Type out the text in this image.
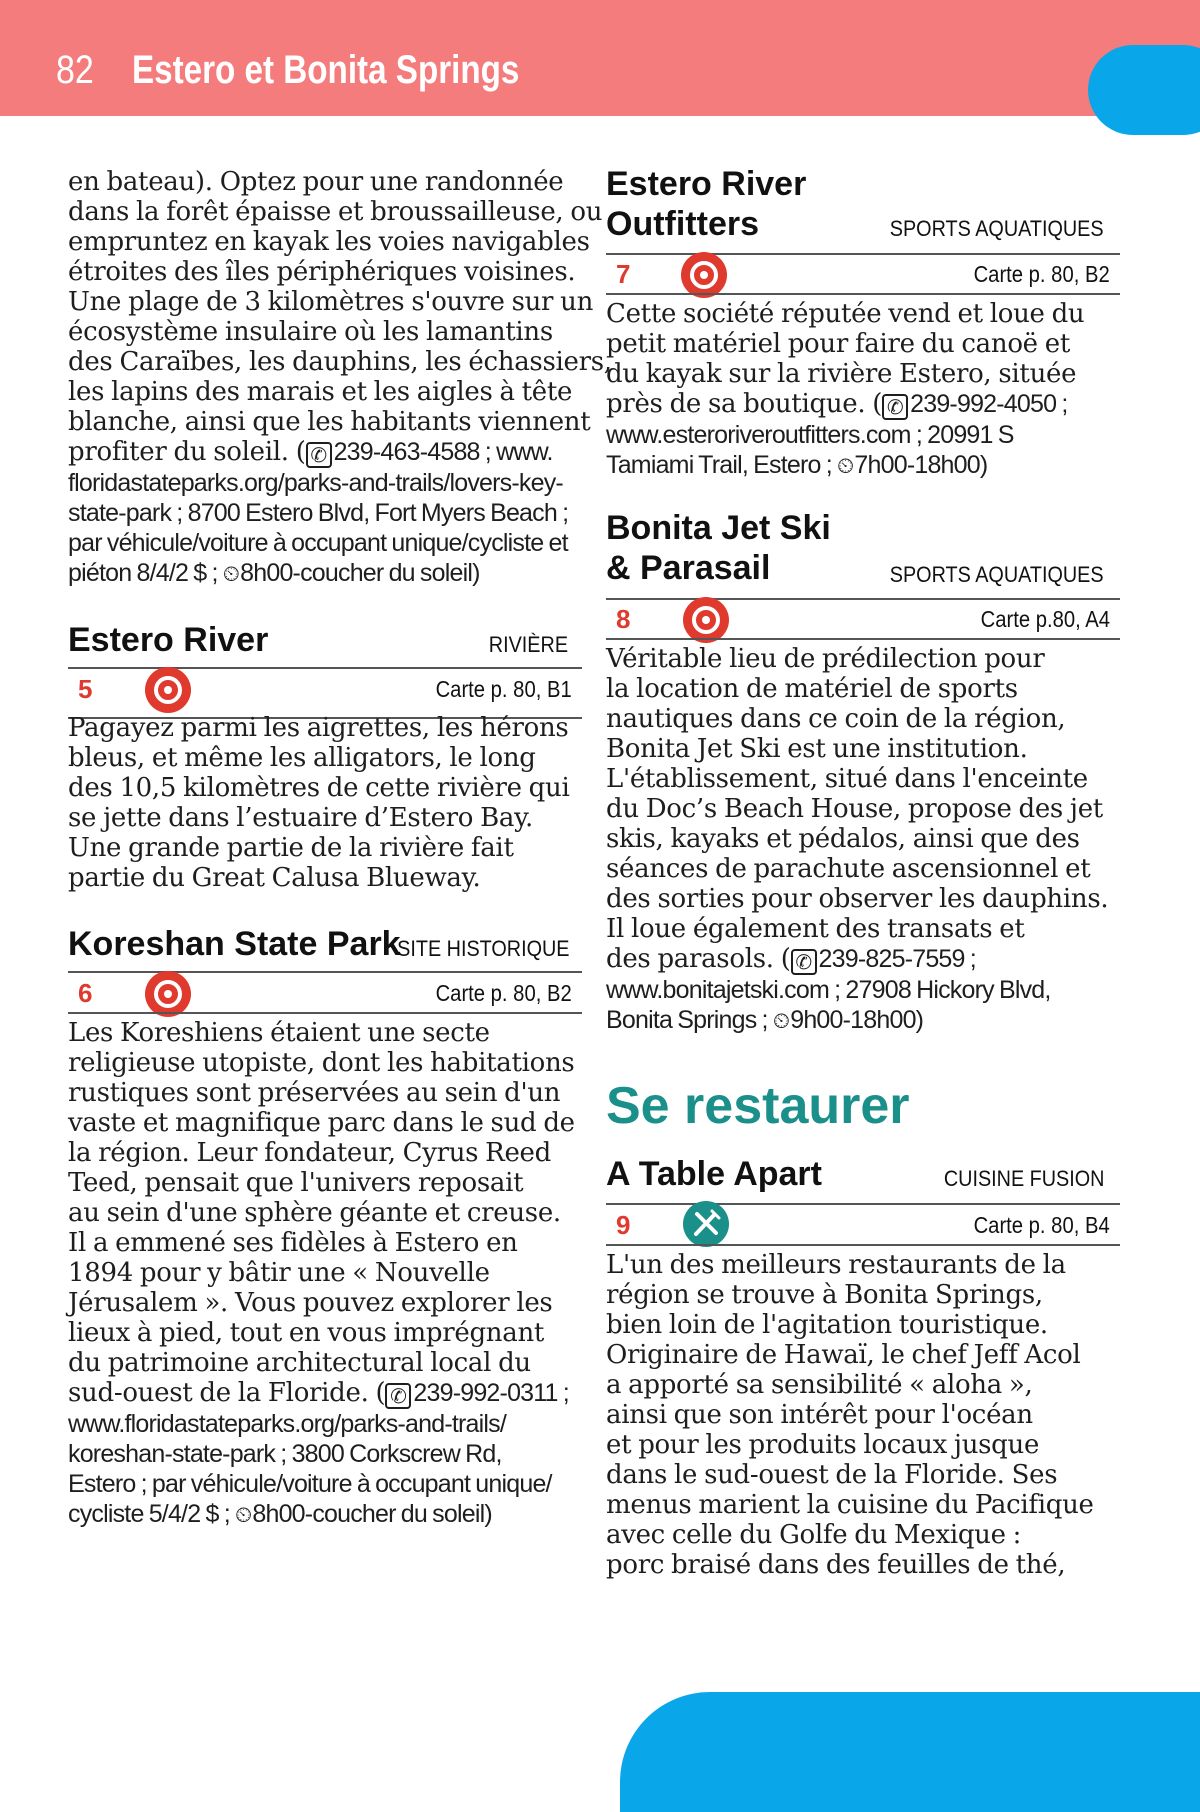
82 Estero et Bonita Springs
en bateau). Optez pour une randonnée
dans la forêt épaisse et broussailleuse, ou
empruntez en kayak les voies navigables
étroites des îles périphériques voisines.
Une plage de 3 kilomètres s'ouvre sur un
écosystème insulaire où les lamantins
des Caraïbes, les dauphins, les échassiers,
les lapins des marais et les aigles à tête
blanche, ainsi que les habitants viennent
profiter du soleil. ( ✆ 239-463-4588 ; www.
floridastateparks.org/parks-and-trails/lovers-key-
state-park ; 8700 Estero Blvd, Fort Myers Beach ;
par véhicule/voiture à occupant unique/cycliste et
piéton 8/4/2 $ ; ⏲8h00-coucher du soleil)
Estero River	RIVIÈRE
5	Carte p. 80, B1
Pagayez parmi les aigrettes, les hérons
bleus, et même les alligators, le long
des 10,5 kilomètres de cette rivière qui
se jette dans l’estuaire d’Estero Bay.
Une grande partie de la rivière fait
partie du Great Calusa Blueway.
Koreshan State Park
SITE HISTORIQUE
6	Carte p. 80, B2
Les Koreshiens étaient une secte
religieuse utopiste, dont les habitations
rustiques sont préservées au sein d'un
vaste et magnifique parc dans le sud de
la région. Leur fondateur, Cyrus Reed
Teed, pensait que l'univers reposait
au sein d'une sphère géante et creuse.
Il a emmené ses fidèles à Estero en
1894 pour y bâtir une « Nouvelle
Jérusalem ». Vous pouvez explorer les
lieux à pied, tout en vous imprégnant
du patrimoine architectural local du
sud-ouest de la Floride. ( ✆ 239-992-0311 ;
www.floridastateparks.org/parks-and-trails/
koreshan-state-park ; 3800 Corkscrew Rd,
Estero ; par véhicule/voiture à occupant unique/
cycliste 5/4/2 $ ; ⏲8h00-coucher du soleil)
Estero River
Outfitters	SPORTS AQUATIQUES
7	Carte p. 80, B2
Cette société réputée vend et loue du
petit matériel pour faire du canoë et
du kayak sur la rivière Estero, située
près de sa boutique. ( ✆ 239-992-4050 ;
www.esteroriveroutfitters.com ; 20991 S
Tamiami Trail, Estero ; ⏲7h00-18h00)
Bonita Jet Ski
& Parasail	SPORTS AQUATIQUES
8	Carte p.80, A4
Véritable lieu de prédilection pour
la location de matériel de sports
nautiques dans ce coin de la région,
Bonita Jet Ski est une institution.
L'établissement, situé dans l'enceinte
du Doc’s Beach House, propose des jet
skis, kayaks et pédalos, ainsi que des
séances de parachute ascensionnel et
des sorties pour observer les dauphins.
Il loue également des transats et
des parasols. ( ✆ 239-825-7559 ;
www.bonitajetski.com ; 27908 Hickory Blvd,
Bonita Springs ; ⏲9h00-18h00)
Se restaurer
A Table Apart	CUISINE FUSION
9	Carte p. 80, B4
L'un des meilleurs restaurants de la
région se trouve à Bonita Springs,
bien loin de l'agitation touristique.
Originaire de Hawaï, le chef Jeff Acol
a apporté sa sensibilité « aloha »,
ainsi que son intérêt pour l'océan
et pour les produits locaux jusque
dans le sud-ouest de la Floride. Ses
menus marient la cuisine du Pacifique
avec celle du Golfe du Mexique :
porc braisé dans des feuilles de thé,
